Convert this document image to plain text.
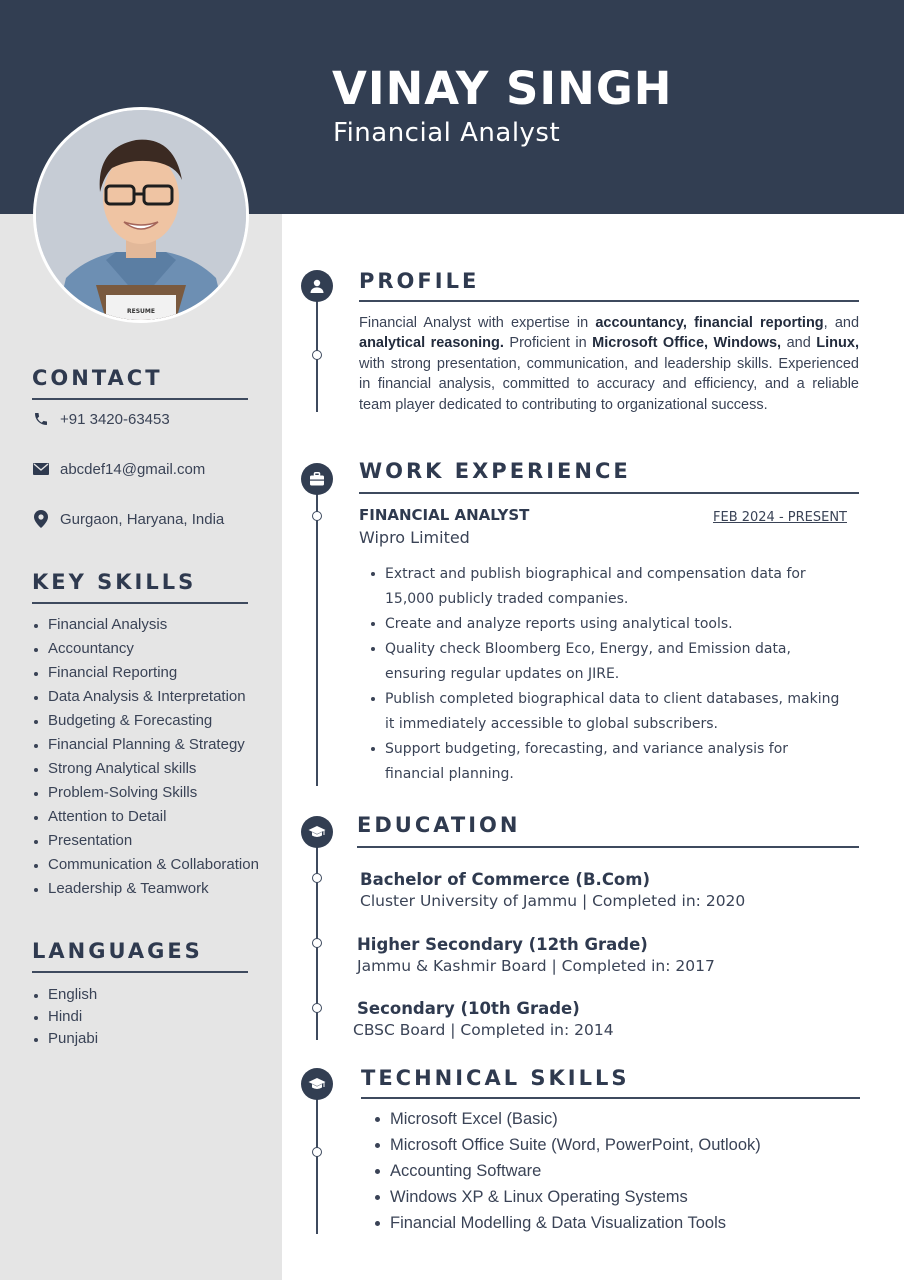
VINAY SINGH
Financial Analyst
RESUME
CONTACT
+91 3420-63453
abcdef14@gmail.com
Gurgaon, Haryana, India
KEY SKILLS
Financial Analysis
Accountancy
Financial Reporting
Data Analysis & Interpretation
Budgeting & Forecasting
Financial Planning & Strategy
Strong Analytical skills
Problem-Solving Skills
Attention to Detail
Presentation
Communication & Collaboration
Leadership & Teamwork
LANGUAGES
English
Hindi
Punjabi
PROFILE
Financial Analyst with expertise in accountancy, financial reporting, and analytical reasoning. Proficient in Microsoft Office, Windows, and Linux, with strong presentation, communication, and leadership skills. Experienced in financial analysis, committed to accuracy and efficiency, and a reliable team player dedicated to contributing to organizational success.
WORK EXPERIENCE
FINANCIAL ANALYST	FEB 2024 - PRESENT
Wipro Limited
Extract and publish biographical and compensation data for 15,000 publicly traded companies.
Create and analyze reports using analytical tools.
Quality check Bloomberg Eco, Energy, and Emission data, ensuring regular updates on JIRE.
Publish completed biographical data to client databases, making it immediately accessible to global subscribers.
Support budgeting, forecasting, and variance analysis for financial planning.
EDUCATION
Bachelor of Commerce (B.Com)
Cluster University of Jammu | Completed in: 2020
Higher Secondary (12th Grade)
Jammu & Kashmir Board | Completed in: 2017
Secondary (10th Grade)
CBSC Board | Completed in: 2014
TECHNICAL SKILLS
Microsoft Excel (Basic)
Microsoft Office Suite (Word, PowerPoint, Outlook)
Accounting Software
Windows XP & Linux Operating Systems
Financial Modelling & Data Visualization Tools
